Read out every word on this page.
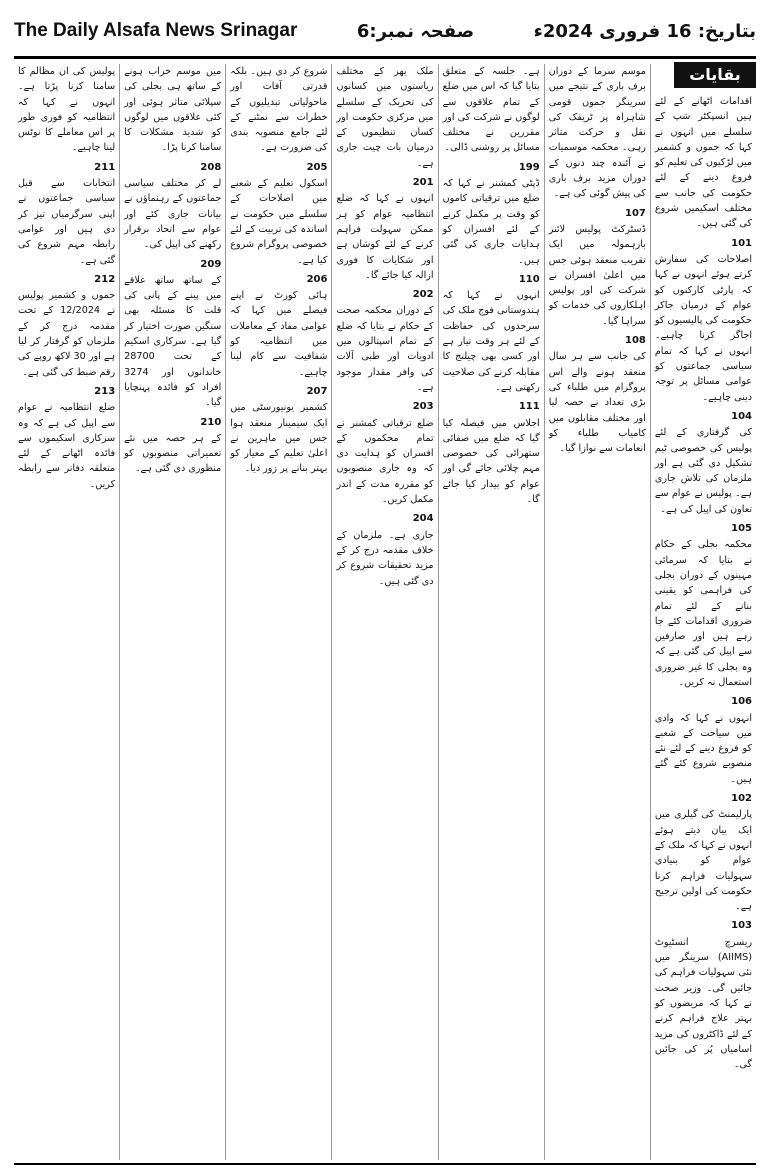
The Daily Alsafa News Srinagar	صفحہ نمبر:6	بتاریخ: 16 فروری 2024ء

اقدامات اٹھانے کے لئے ہیں انسپکٹر شپ کے سلسلے میں انہوں نے کہا کہ جموں و کشمیر میں لڑکیوں کی تعلیم کو فروغ دینے کے لئے حکومت کی جانب سے مختلف اسکیمیں شروع کی گئی ہیں۔

101

اصلاحات کی سفارش کرتے ہوئے انہوں نے کہا کہ پارٹی کارکنوں کو عوام کے درمیان جاکر حکومت کی پالیسیوں کو اجاگر کرنا چاہیے۔ انہوں نے کہا کہ تمام سیاسی جماعتوں کو عوامی مسائل پر توجہ دینی چاہیے۔

104

کی گرفتاری کے لئے پولیس کی خصوصی ٹیم تشکیل دی گئی ہے اور ملزمان کی تلاش جاری ہے۔ پولیس نے عوام سے تعاون کی اپیل کی ہے۔

105

محکمہ بجلی کے حکام نے بتایا کہ سرمائی مہینوں کے دوران بجلی کی فراہمی کو یقینی بنانے کے لئے تمام ضروری اقدامات کئے جا رہے ہیں اور صارفین سے اپیل کی گئی ہے کہ وہ بجلی کا غیر ضروری استعمال نہ کریں۔

106

انہوں نے کہا کہ وادی میں سیاحت کے شعبے کو فروغ دینے کے لئے نئے منصوبے شروع کئے گئے ہیں۔

102

پارلیمنٹ کی گیلری میں ایک بیان دیتے ہوئے انہوں نے کہا کہ ملک کے عوام کو بنیادی سہولیات فراہم کرنا حکومت کی اولین ترجیح ہے۔

103

ریسرچ انسٹیوٹ (AIIMS) سرینگر میں نئی سہولیات فراہم کی جائیں گی۔ وزیر صحت نے کہا کہ مریضوں کو بہتر علاج فراہم کرنے کے لئے ڈاکٹروں کی مزید اسامیاں پُر کی جائیں گی۔

موسم سرما کے دوران برف باری کے نتیجے میں سرینگر جموں قومی شاہراہ پر ٹریفک کی نقل و حرکت متاثر رہی۔ محکمہ موسمیات نے آئندہ چند دنوں کے دوران مزید برف باری کی پیش گوئی کی ہے۔

107

ڈسٹرکٹ پولیس لائنز بارہمولہ میں ایک تقریب منعقد ہوئی جس میں اعلیٰ افسران نے شرکت کی اور پولیس اہلکاروں کی خدمات کو سراہا گیا۔

108

کی جانب سے ہر سال منعقد ہونے والے اس پروگرام میں طلباء کی بڑی تعداد نے حصہ لیا اور مختلف مقابلوں میں کامیاب طلباء کو انعامات سے نوازا گیا۔

ہے۔ جلسہ کے متعلق بتایا گیا کہ اس میں ضلع کے تمام علاقوں سے لوگوں نے شرکت کی اور مقررین نے مختلف مسائل پر روشنی ڈالی۔

199

ڈپٹی کمشنر نے کہا کہ ضلع میں ترقیاتی کاموں کو وقت پر مکمل کرنے کے لئے افسران کو ہدایات جاری کی گئی ہیں۔

110

انہوں نے کہا کہ ہندوستانی فوج ملک کی سرحدوں کی حفاظت کے لئے ہر وقت تیار ہے اور کسی بھی چیلنج کا مقابلہ کرنے کی صلاحیت رکھتی ہے۔

111

اجلاس میں فیصلہ کیا گیا کہ ضلع میں صفائی ستھرائی کی خصوصی مہم چلائی جائے گی اور عوام کو بیدار کیا جائے گا۔

ملک بھر کے مختلف ریاستوں میں کسانوں کی تحریک کے سلسلے میں مرکزی حکومت اور کسان تنظیموں کے درمیان بات چیت جاری ہے۔

201

انہوں نے کہا کہ ضلع انتظامیہ عوام کو ہر ممکن سہولت فراہم کرنے کے لئے کوشاں ہے اور شکایات کا فوری ازالہ کیا جائے گا۔

202

کے دوران محکمہ صحت کے حکام نے بتایا کہ ضلع کے تمام اسپتالوں میں ادویات اور طبی آلات کی وافر مقدار موجود ہے۔

203

ضلع ترقیاتی کمشنر نے تمام محکموں کے افسران کو ہدایت دی کہ وہ جاری منصوبوں کو مقررہ مدت کے اندر مکمل کریں۔

204

جاری ہے۔ ملزمان کے خلاف مقدمہ درج کر کے مزید تحقیقات شروع کر دی گئی ہیں۔

شروع کر دی ہیں۔ بلکہ قدرتی آفات اور ماحولیاتی تبدیلیوں کے خطرات سے نمٹنے کے لئے جامع منصوبہ بندی کی ضرورت ہے۔

205

اسکول تعلیم کے شعبے میں اصلاحات کے سلسلے میں حکومت نے اساتذہ کی تربیت کے لئے خصوصی پروگرام شروع کیا ہے۔

206

ہائی کورٹ نے اپنے فیصلے میں کہا کہ عوامی مفاد کے معاملات میں انتظامیہ کو شفافیت سے کام لینا چاہیے۔

207

کشمیر یونیورسٹی میں ایک سیمینار منعقد ہوا جس میں ماہرین نے اعلیٰ تعلیم کے معیار کو بہتر بنانے پر زور دیا۔

میں موسم خراب ہونے کے ساتھ ہی بجلی کی سپلائی متاثر ہوئی اور کئی علاقوں میں لوگوں کو شدید مشکلات کا سامنا کرنا پڑا۔

208

لے کر مختلف سیاسی جماعتوں کے رہنماؤں نے بیانات جاری کئے اور عوام سے اتحاد برقرار رکھنے کی اپیل کی۔

209

کے ساتھ ساتھ علاقے میں پینے کے پانی کی قلت کا مسئلہ بھی سنگین صورت اختیار کر گیا ہے۔ سرکاری اسکیم کے تحت 28700 خاندانوں اور 3274 افراد کو فائدہ پہنچایا گیا۔

210

کے ہر حصہ میں نئے تعمیراتی منصوبوں کو منظوری دی گئی ہے۔

پولیس کی ان مظالم کا سامنا کرنا پڑتا ہے۔ انہوں نے کہا کہ انتظامیہ کو فوری طور پر اس معاملے کا نوٹس لینا چاہیے۔

211

انتخابات سے قبل سیاسی جماعتوں نے اپنی سرگرمیاں تیز کر دی ہیں اور عوامی رابطہ مہم شروع کی گئی ہے۔

212

جموں و کشمیر پولیس نے 12/2024 کے تحت مقدمہ درج کر کے ملزمان کو گرفتار کر لیا ہے اور 30 لاکھ روپے کی رقم ضبط کی گئی ہے۔

213

ضلع انتظامیہ نے عوام سے اپیل کی ہے کہ وہ سرکاری اسکیموں سے فائدہ اٹھانے کے لئے متعلقہ دفاتر سے رابطہ کریں۔

بقایات
